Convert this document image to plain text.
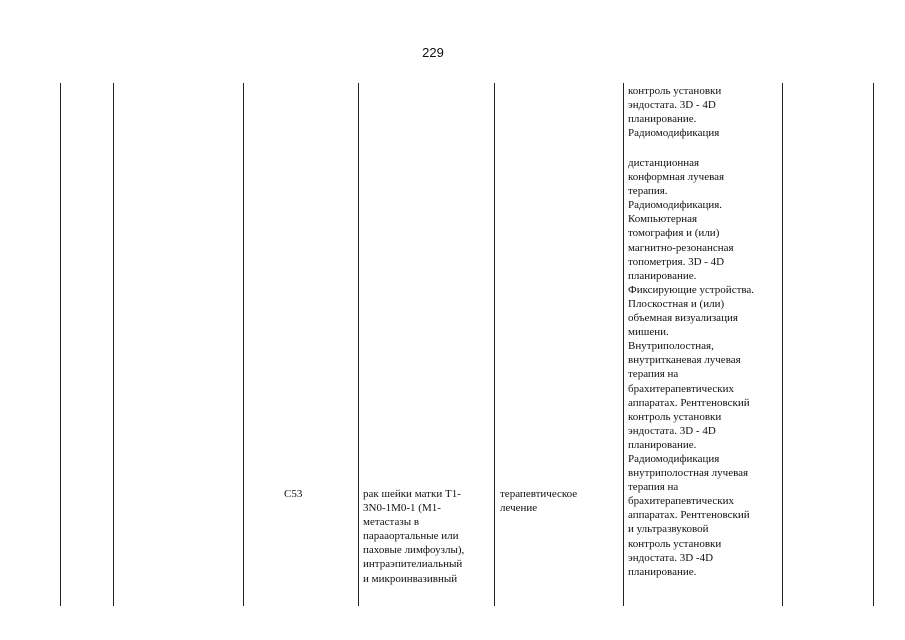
229
C53	рак шейки матки T1-
3N0-1M0-1 (M1-
метастазы в
парааортальные или
паховые лимфоузлы),
интраэпителиальный
и микроинвазивный
терапевтическое
лечение
контроль установки
эндостата. 3D - 4D
планирование.
Радиомодификация
дистанционная
конформная лучевая
терапия.
Радиомодификация.
Компьютерная
томография и (или)
магнитно-резонансная
топометрия. 3D - 4D
планирование.
Фиксирующие устройства.
Плоскостная и (или)
объемная визуализация
мишени.
Внутриполостная,
внутритканевая лучевая
терапия на
брахитерапевтических
аппаратах. Рентгеновский
контроль установки
эндостата. 3D - 4D
планирование.
Радиомодификация
внутриполостная лучевая
терапия на
брахитерапевтических
аппаратах. Рентгеновский
и ультразвуковой
контроль установки
эндостата. 3D -4D
планирование.
